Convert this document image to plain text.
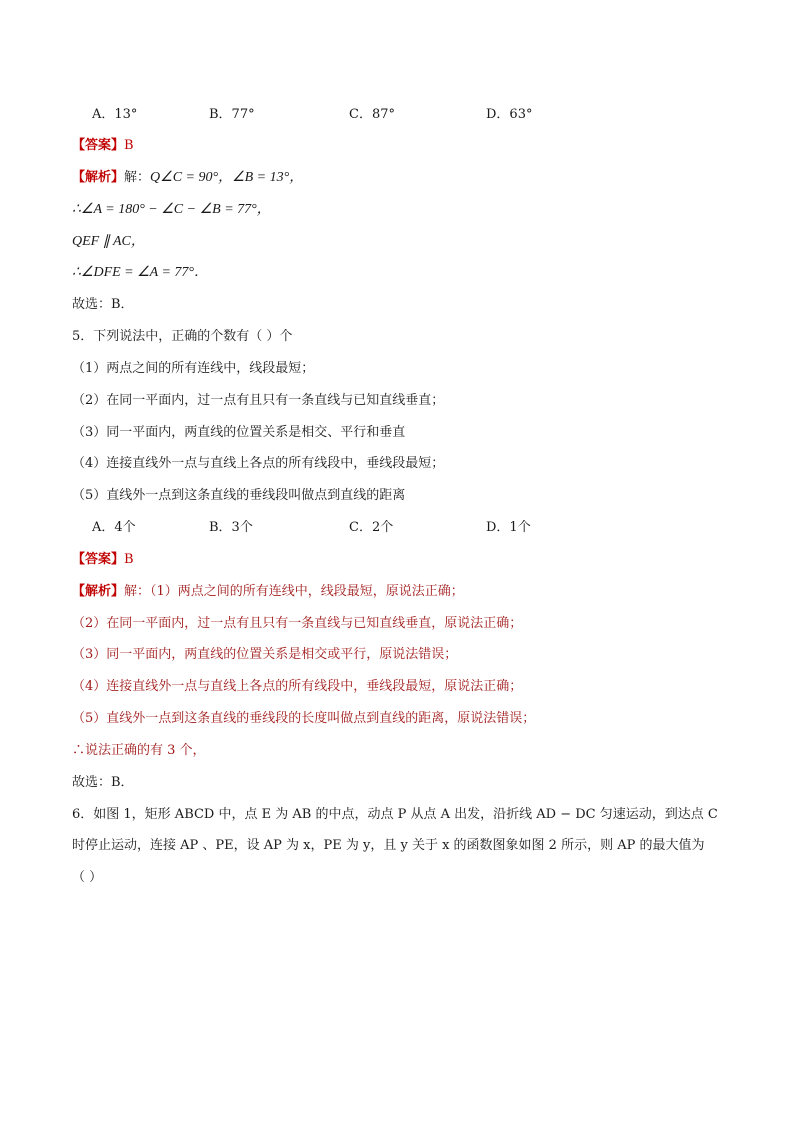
A．13°	B．77°	C．87°	D．63°
【答案】B
【解析】解：Q∠C = 90°，∠B = 13°，
∴∠A = 180° − ∠C − ∠B = 77°，
QEF ∥ AC，
∴∠DFE = ∠A = 77°．
故选：B．
5．下列说法中，正确的个数有（ ）个
（1）两点之间的所有连线中，线段最短；
（2）在同一平面内，过一点有且只有一条直线与已知直线垂直；
（3）同一平面内，两直线的位置关系是相交、平行和垂直
（4）连接直线外一点与直线上各点的所有线段中，垂线段最短；
（5）直线外一点到这条直线的垂线段叫做点到直线的距离
A．4个	B．3个	C．2个	D．1个
【答案】B
【解析】解：（1）两点之间的所有连线中，线段最短，原说法正确；
（2）在同一平面内，过一点有且只有一条直线与已知直线垂直，原说法正确；
（3）同一平面内，两直线的位置关系是相交或平行，原说法错误；
（4）连接直线外一点与直线上各点的所有线段中，垂线段最短，原说法正确；
（5）直线外一点到这条直线的垂线段的长度叫做点到直线的距离，原说法错误；
∴说法正确的有 3 个，
故选：B．
6．如图 1，矩形 ABCD 中，点 E 为 AB 的中点，动点 P 从点 A 出发，沿折线 AD − DC 匀速运动，到达点 C
时停止运动，连接 AP 、PE，设 AP 为 x，PE 为 y，且 y 关于 x 的函数图象如图 2 所示，则 AP 的最大值为
（ ）
